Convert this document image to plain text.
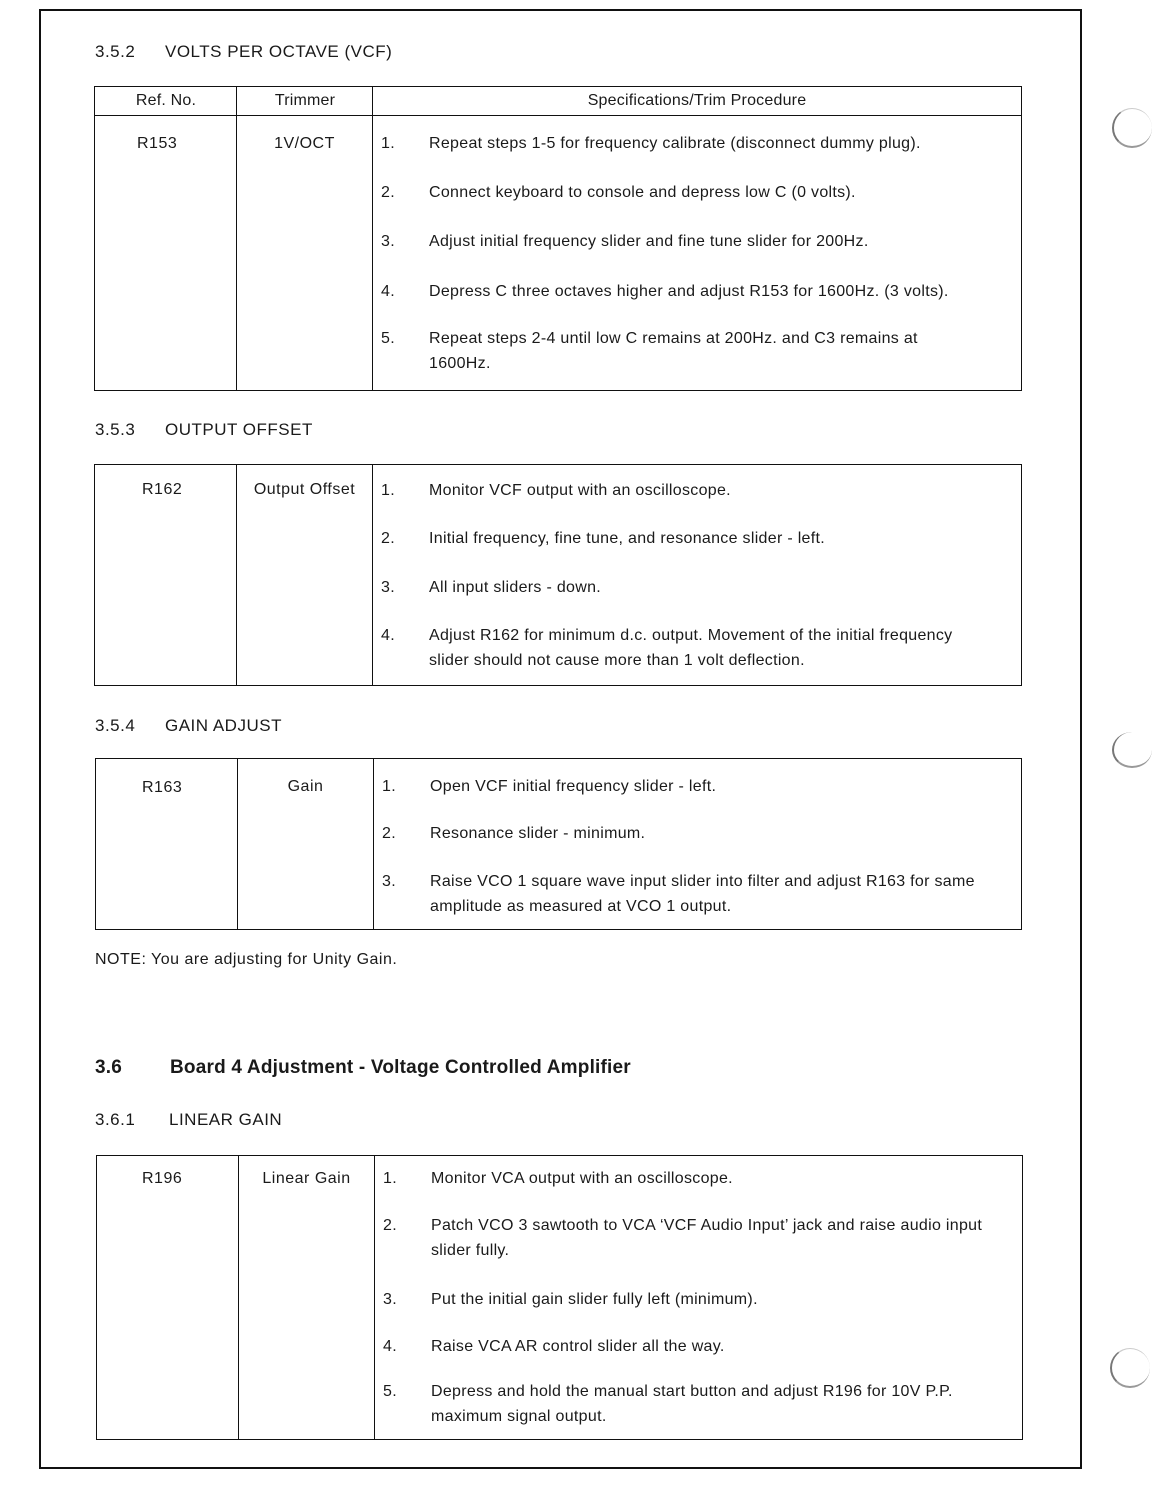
3.5.2 VOLTS PER OCTAVE (VCF)
Ref. No.	Trimmer	Specifications/Trim Procedure
R153	1V/OCT	1.	Repeat steps 1-5 for frequency calibrate (disconnect dummy plug).
2.	Connect keyboard to console and depress low C (0 volts).
3.	Adjust initial frequency slider and fine tune slider for 200Hz.
4.	Depress C three octaves higher and adjust R153 for 1600Hz. (3 volts).
5.	Repeat steps 2-4 until low C remains at 200Hz. and C3 remains at 1600Hz.
3.5.3 OUTPUT OFFSET
R162	Output Offset	1.	Monitor VCF output with an oscilloscope.
2.	Initial frequency, fine tune, and resonance slider - left.
3.	All input sliders - down.
4.	Adjust R162 for minimum d.c. output. Movement of the initial frequency slider should not cause more than 1 volt deflection.
3.5.4 GAIN ADJUST
R163	Gain	1.	Open VCF initial frequency slider - left.
2.	Resonance slider - minimum.
3.	Raise VCO 1 square wave input slider into filter and adjust R163 for same amplitude as measured at VCO 1 output.
NOTE: You are adjusting for Unity Gain.
3.6	Board 4 Adjustment - Voltage Controlled Amplifier
3.6.1 LINEAR GAIN
R196	Linear Gain	1.	Monitor VCA output with an oscilloscope.
2.	Patch VCO 3 sawtooth to VCA ‘VCF Audio Input’ jack and raise audio input slider fully.
3.	Put the initial gain slider fully left (minimum).
4.	Raise VCA AR control slider all the way.
5.	Depress and hold the manual start button and adjust R196 for 10V P.P. maximum signal output.
